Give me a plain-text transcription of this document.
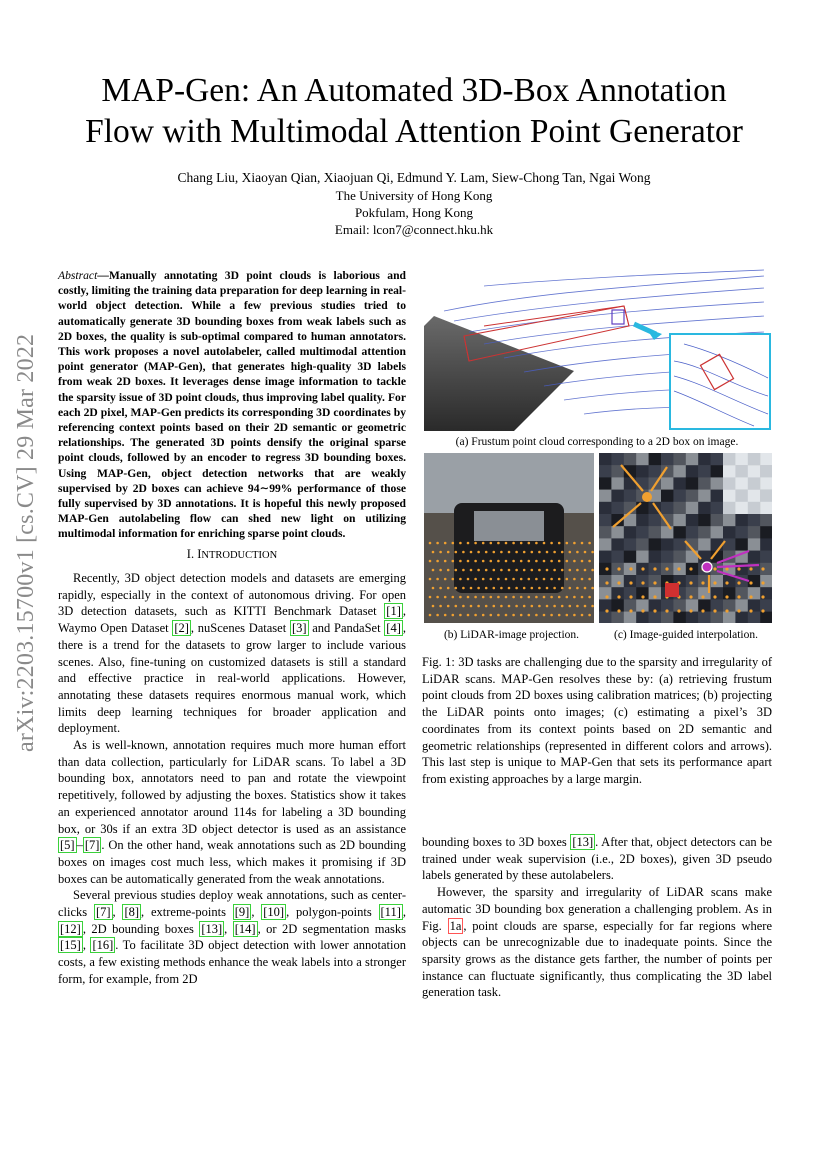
MAP-Gen: An Automated 3D-Box Annotation
Flow with Multimodal Attention Point Generator
Chang Liu, Xiaoyan Qian, Xiaojuan Qi, Edmund Y. Lam, Siew-Chong Tan, Ngai Wong
The University of Hong Kong
Pokfulam, Hong Kong
Email: lcon7@connect.hku.hk
arXiv:2203.15700v1 [cs.CV] 29 Mar 2022
Abstract—Manually annotating 3D point clouds is laborious and costly, limiting the training data preparation for deep learning in real-world object detection. While a few previous studies tried to automatically generate 3D bounding boxes from weak labels such as 2D boxes, the quality is sub-optimal compared to human annotators. This work proposes a novel autolabeler, called multimodal attention point generator (MAP-Gen), that generates high-quality 3D labels from weak 2D boxes. It leverages dense image information to tackle the sparsity issue of 3D point clouds, thus improving label quality. For each 2D pixel, MAP-Gen predicts its corresponding 3D coordinates by referencing context points based on their 2D semantic or geometric relationships. The generated 3D points densify the original sparse point clouds, followed by an encoder to regress 3D bounding boxes. Using MAP-Gen, object detection networks that are weakly supervised by 2D boxes can achieve 94∼99% performance of those fully supervised by 3D annotations. It is hopeful this newly proposed MAP-Gen autolabeling flow can shed new light on utilizing multimodal information for enriching sparse point clouds.
I. INTRODUCTION

Recently, 3D object detection models and datasets are emerging rapidly, especially in the context of autonomous driving. For open 3D detection datasets, such as KITTI Benchmark Dataset [1] , Waymo Open Dataset [2] , nuScenes Dataset [3] and PandaSet [4] , there is a trend for the datasets to grow larger to include various scenes. Also, fine-tuning on customized datasets is still a standard and effective practice in real-world applications. However, annotating these datasets requires enormous manual work, which limits deep learning techniques for broader application and deployment.

As is well-known, annotation requires much more human effort than data collection, particularly for LiDAR scans. To label a 3D bounding box, annotators need to pan and rotate the viewpoint repetitively, followed by adjusting the boxes. Statistics show it takes an experienced annotator around 114s for labeling a 3D bounding box, or 30s if an extra 3D object detector is used as an assistance [5] – [7] . On the other hand, weak annotations such as 2D bounding boxes on images cost much less, which makes it promising if 3D boxes can be automatically generated from the weak annotations.

Several previous studies deploy weak annotations, such as center-clicks [7] , [8] , extreme-points [9] , [10] , polygon-points [11] , [12] , 2D bounding boxes [13] , [14] , or 2D segmentation masks [15] , [16] . To facilitate 3D object detection with lower annotation costs, a few existing methods enhance the weak labels into a stronger form, for example, from 2D

(a) Frustum point cloud corresponding to a 2D box on image.
(b) LiDAR-image projection.	(c) Image-guided interpolation.
Fig. 1: 3D tasks are challenging due to the sparsity and irregularity of LiDAR scans. MAP-Gen resolves these by: (a) retrieving frustum point clouds from 2D boxes using calibration matrices; (b) projecting the LiDAR points onto images; (c) estimating a pixel’s 3D coordinates from its context points based on 2D semantic and geometric relationships (represented in different colors and arrows). This last step is unique to MAP-Gen that sets its performance apart from existing approaches by a large margin.

bounding boxes to 3D boxes [13] . After that, object detectors can be trained under weak supervision (i.e., 2D boxes), given 3D pseudo labels generated by these autolabelers.

However, the sparsity and irregularity of LiDAR scans make automatic 3D bounding box generation a challenging problem. As in Fig. 1a , point clouds are sparse, especially for far regions where objects can be unrecognizable due to inadequate points. Since the sparsity grows as the distance gets farther, the number of points per instance can fluctuate significantly, thus complicating the 3D label generation task.
